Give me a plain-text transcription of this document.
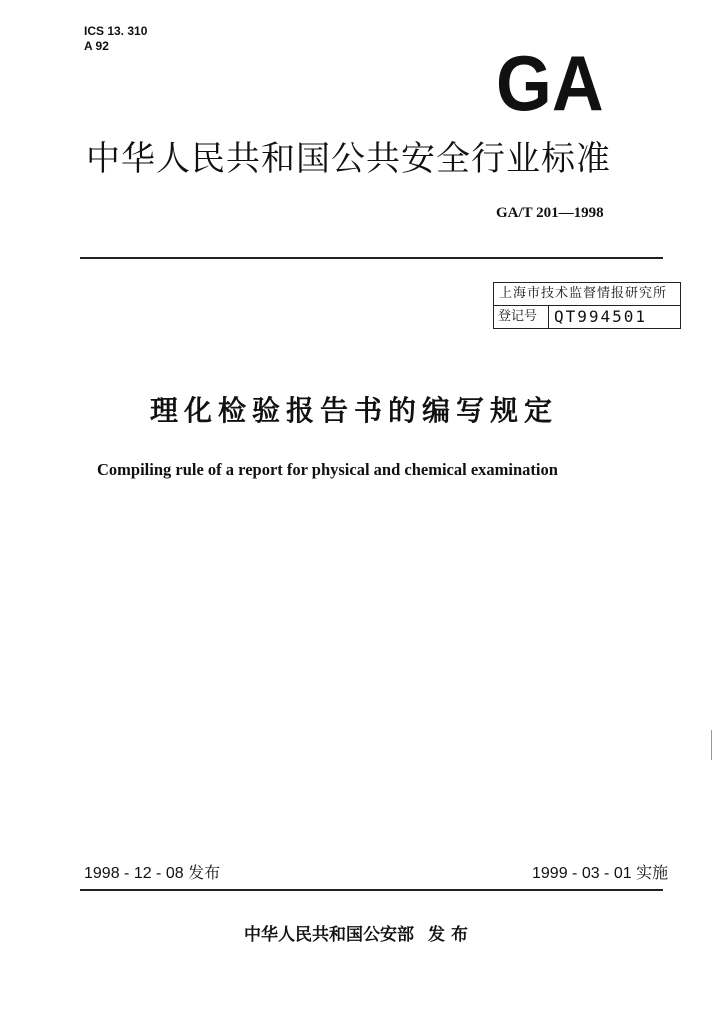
ICS 13. 310
A 92	GA
中华人民共和国公共安全行业标准
GA/T 201—1998
上海市技术监督情报研究所
登记号	QT994501
理化检验报告书的编写规定
Compiling rule of a report for physical and chemical examination
1998 - 12 - 08 发布	1999 - 03 - 01 实施
中华人民共和国公安部 发布
